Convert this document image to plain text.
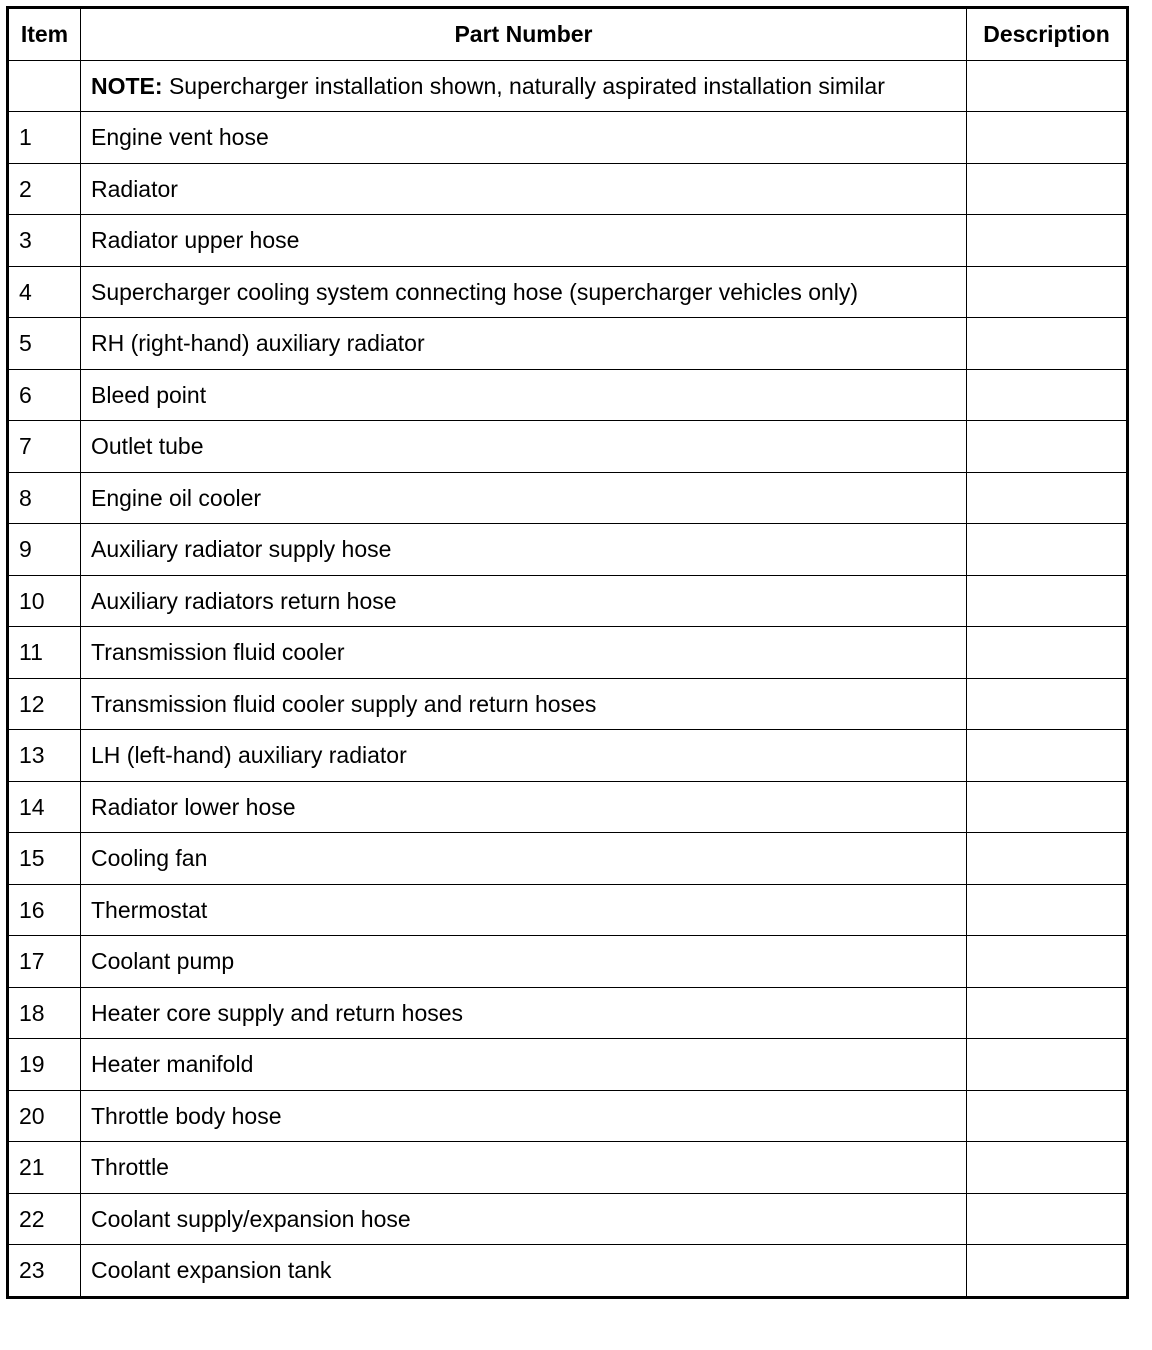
Item	Part Number	Description
	NOTE: Supercharger installation shown, naturally aspirated installation similar	
1	Engine vent hose	
2	Radiator	
3	Radiator upper hose	
4	Supercharger cooling system connecting hose (supercharger vehicles only)	
5	RH (right-hand) auxiliary radiator	
6	Bleed point	
7	Outlet tube	
8	Engine oil cooler	
9	Auxiliary radiator supply hose	
10	Auxiliary radiators return hose	
11	Transmission fluid cooler	
12	Transmission fluid cooler supply and return hoses	
13	LH (left-hand) auxiliary radiator	
14	Radiator lower hose	
15	Cooling fan	
16	Thermostat	
17	Coolant pump	
18	Heater core supply and return hoses	
19	Heater manifold	
20	Throttle body hose	
21	Throttle	
22	Coolant supply/expansion hose	
23	Coolant expansion tank	
